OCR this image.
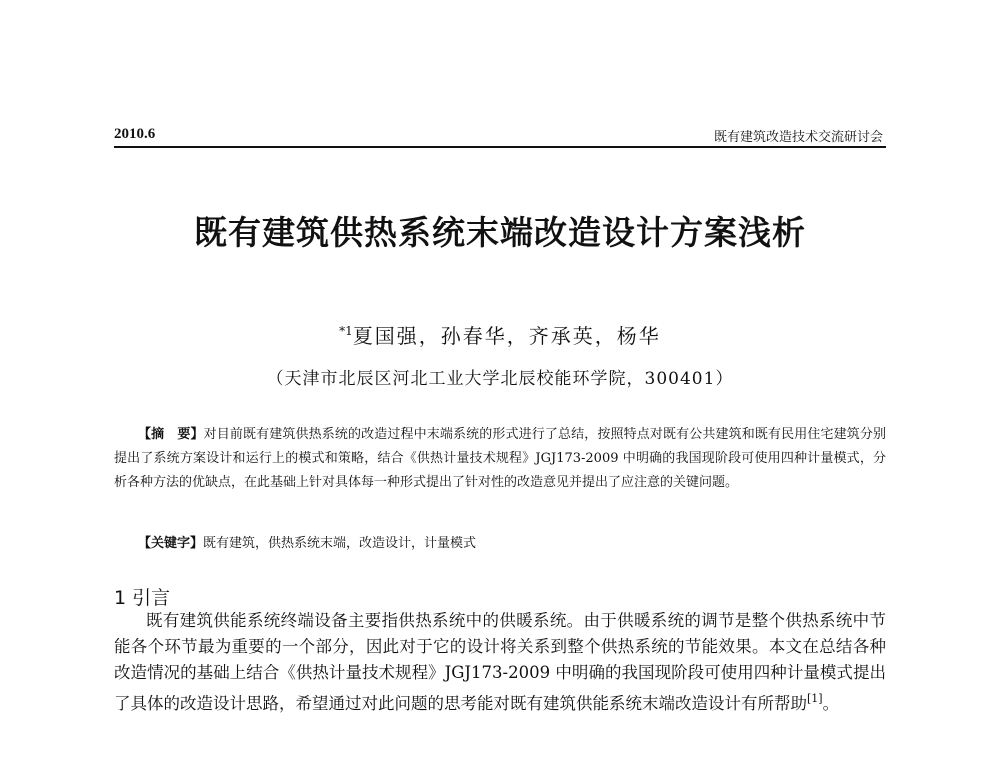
2010.6	既有建筑改造技术交流研讨会
既有建筑供热系统末端改造设计方案浅析
$^{*1}$夏国强，孙春华，齐承英，杨华
（天津市北辰区河北工业大学北辰校能环学院，300401）
【摘　要】对目前既有建筑供热系统的改造过程中末端系统的形式进行了总结，按照特点对既有公共建筑和既有民用住宅建筑分别提出了系统方案设计和运行上的模式和策略，结合《供热计量技术规程》JGJ173-2009 中明确的我国现阶段可使用四种计量模式，分析各种方法的优缺点，在此基础上针对具体每一种形式提出了针对性的改造意见并提出了应注意的关键问题。
【关键字】既有建筑，供热系统末端，改造设计，计量模式
1 引言
既有建筑供能系统终端设备主要指供热系统中的供暖系统。由于供暖系统的调节是整个供热系统中节能各个环节最为重要的一个部分，因此对于它的设计将关系到整个供热系统的节能效果。本文在总结各种改造情况的基础上结合《供热计量技术规程》JGJ173-2009 中明确的我国现阶段可使用四种计量模式提出了具体的改造设计思路，希望通过对此问题的思考能对既有建筑供能系统末端改造设计有所帮助[1]。
